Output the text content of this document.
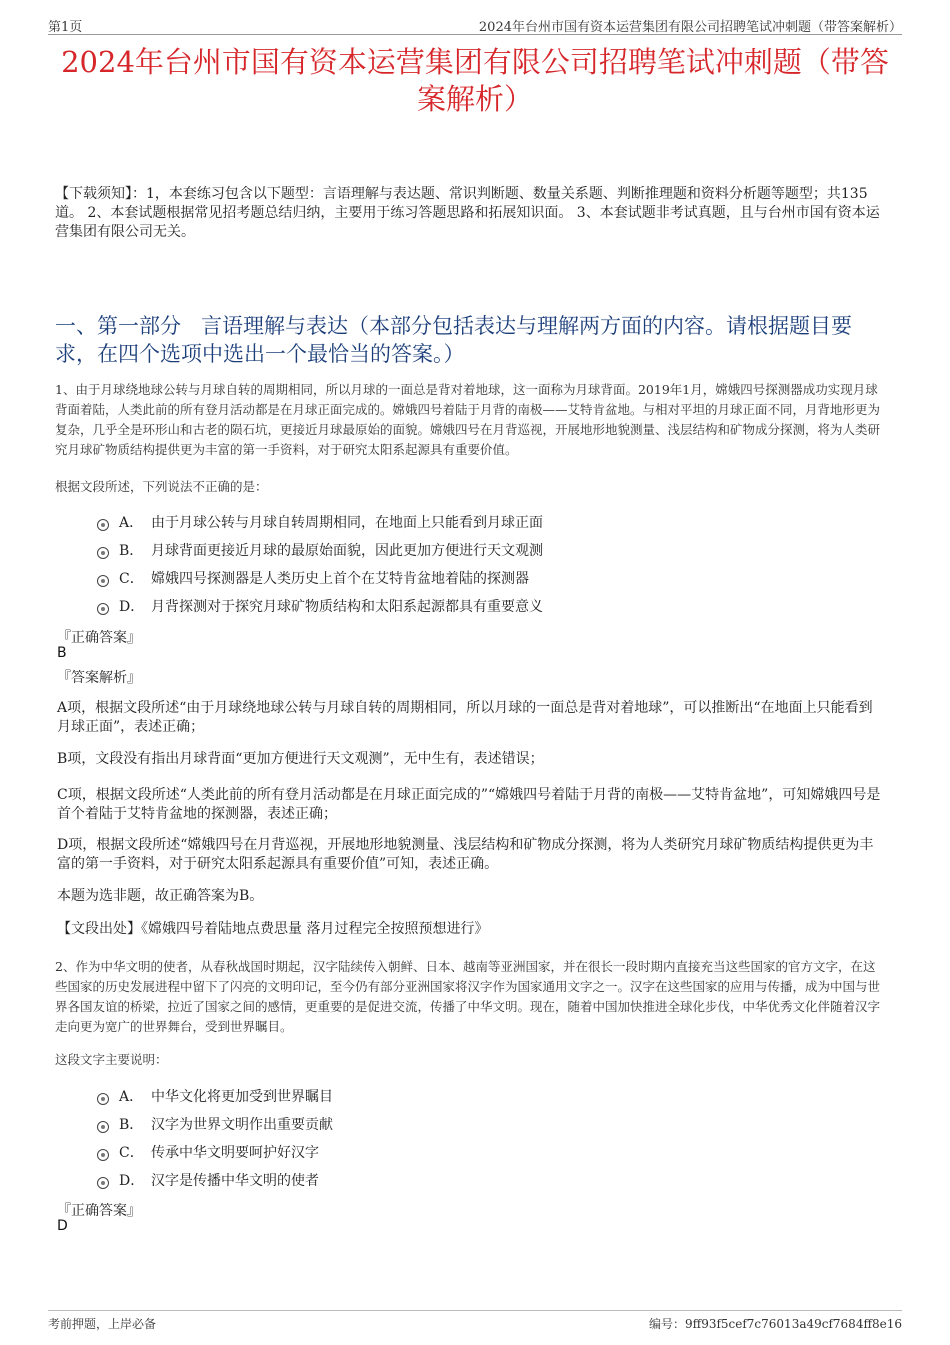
第1页	2024年台州市国有资本运营集团有限公司招聘笔试冲刺题（带答案解析）
2024年台州市国有资本运营集团有限公司招聘笔试冲刺题（带答案解析）
【下载须知】：1，本套练习包含以下题型：言语理解与表达题、常识判断题、数量关系题、判断推理题和资料分析题等题型；共135道。 2、本套试题根据常见招考题总结归纳，主要用于练习答题思路和拓展知识面。 3、本套试题非考试真题，且与台州市国有资本运营集团有限公司无关。
一、第一部分 言语理解与表达（本部分包括表达与理解两方面的内容。请根据题目要求，在四个选项中选出一个最恰当的答案。）
1、由于月球绕地球公转与月球自转的周期相同，所以月球的一面总是背对着地球，这一面称为月球背面。2019年1月，嫦娥四号探测器成功实现月球背面着陆，人类此前的所有登月活动都是在月球正面完成的。嫦娥四号着陆于月背的南极——艾特肯盆地。与相对平坦的月球正面不同，月背地形更为复杂，几乎全是环形山和古老的陨石坑，更接近月球最原始的面貌。嫦娥四号在月背巡视，开展地形地貌测量、浅层结构和矿物成分探测，将为人类研究月球矿物质结构提供更为丰富的第一手资料，对于研究太阳系起源具有重要价值。
根据文段所述，下列说法不正确的是：
A． 由于月球公转与月球自转周期相同，在地面上只能看到月球正面
B． 月球背面更接近月球的最原始面貌，因此更加方便进行天文观测
C． 嫦娥四号探测器是人类历史上首个在艾特肯盆地着陆的探测器
D． 月背探测对于探究月球矿物质结构和太阳系起源都具有重要意义
『正确答案』
B
『答案解析』
A项，根据文段所述“由于月球绕地球公转与月球自转的周期相同，所以月球的一面总是背对着地球”，可以推断出“在地面上只能看到月球正面”，表述正确；
B项，文段没有指出月球背面“更加方便进行天文观测”，无中生有，表述错误；
C项，根据文段所述“人类此前的所有登月活动都是在月球正面完成的”“嫦娥四号着陆于月背的南极——艾特肯盆地”，可知嫦娥四号是首个着陆于艾特肯盆地的探测器，表述正确；
D项，根据文段所述“嫦娥四号在月背巡视，开展地形地貌测量、浅层结构和矿物成分探测，将为人类研究月球矿物质结构提供更为丰富的第一手资料，对于研究太阳系起源具有重要价值”可知，表述正确。
本题为选非题，故正确答案为B。
【文段出处】《嫦娥四号着陆地点费思量 落月过程完全按照预想进行》
2、作为中华文明的使者，从春秋战国时期起，汉字陆续传入朝鲜、日本、越南等亚洲国家，并在很长一段时期内直接充当这些国家的官方文字，在这些国家的历史发展进程中留下了闪亮的文明印记，至今仍有部分亚洲国家将汉字作为国家通用文字之一。汉字在这些国家的应用与传播，成为中国与世界各国友谊的桥梁，拉近了国家之间的感情，更重要的是促进交流，传播了中华文明。现在，随着中国加快推进全球化步伐，中华优秀文化伴随着汉字走向更为宽广的世界舞台，受到世界瞩目。
这段文字主要说明：
A． 中华文化将更加受到世界瞩目
B． 汉字为世界文明作出重要贡献
C． 传承中华文明要呵护好汉字
D． 汉字是传播中华文明的使者
『正确答案』
D
考前押题，上岸必备	编号：9ff93f5cef7c76013a49cf7684ff8e16
